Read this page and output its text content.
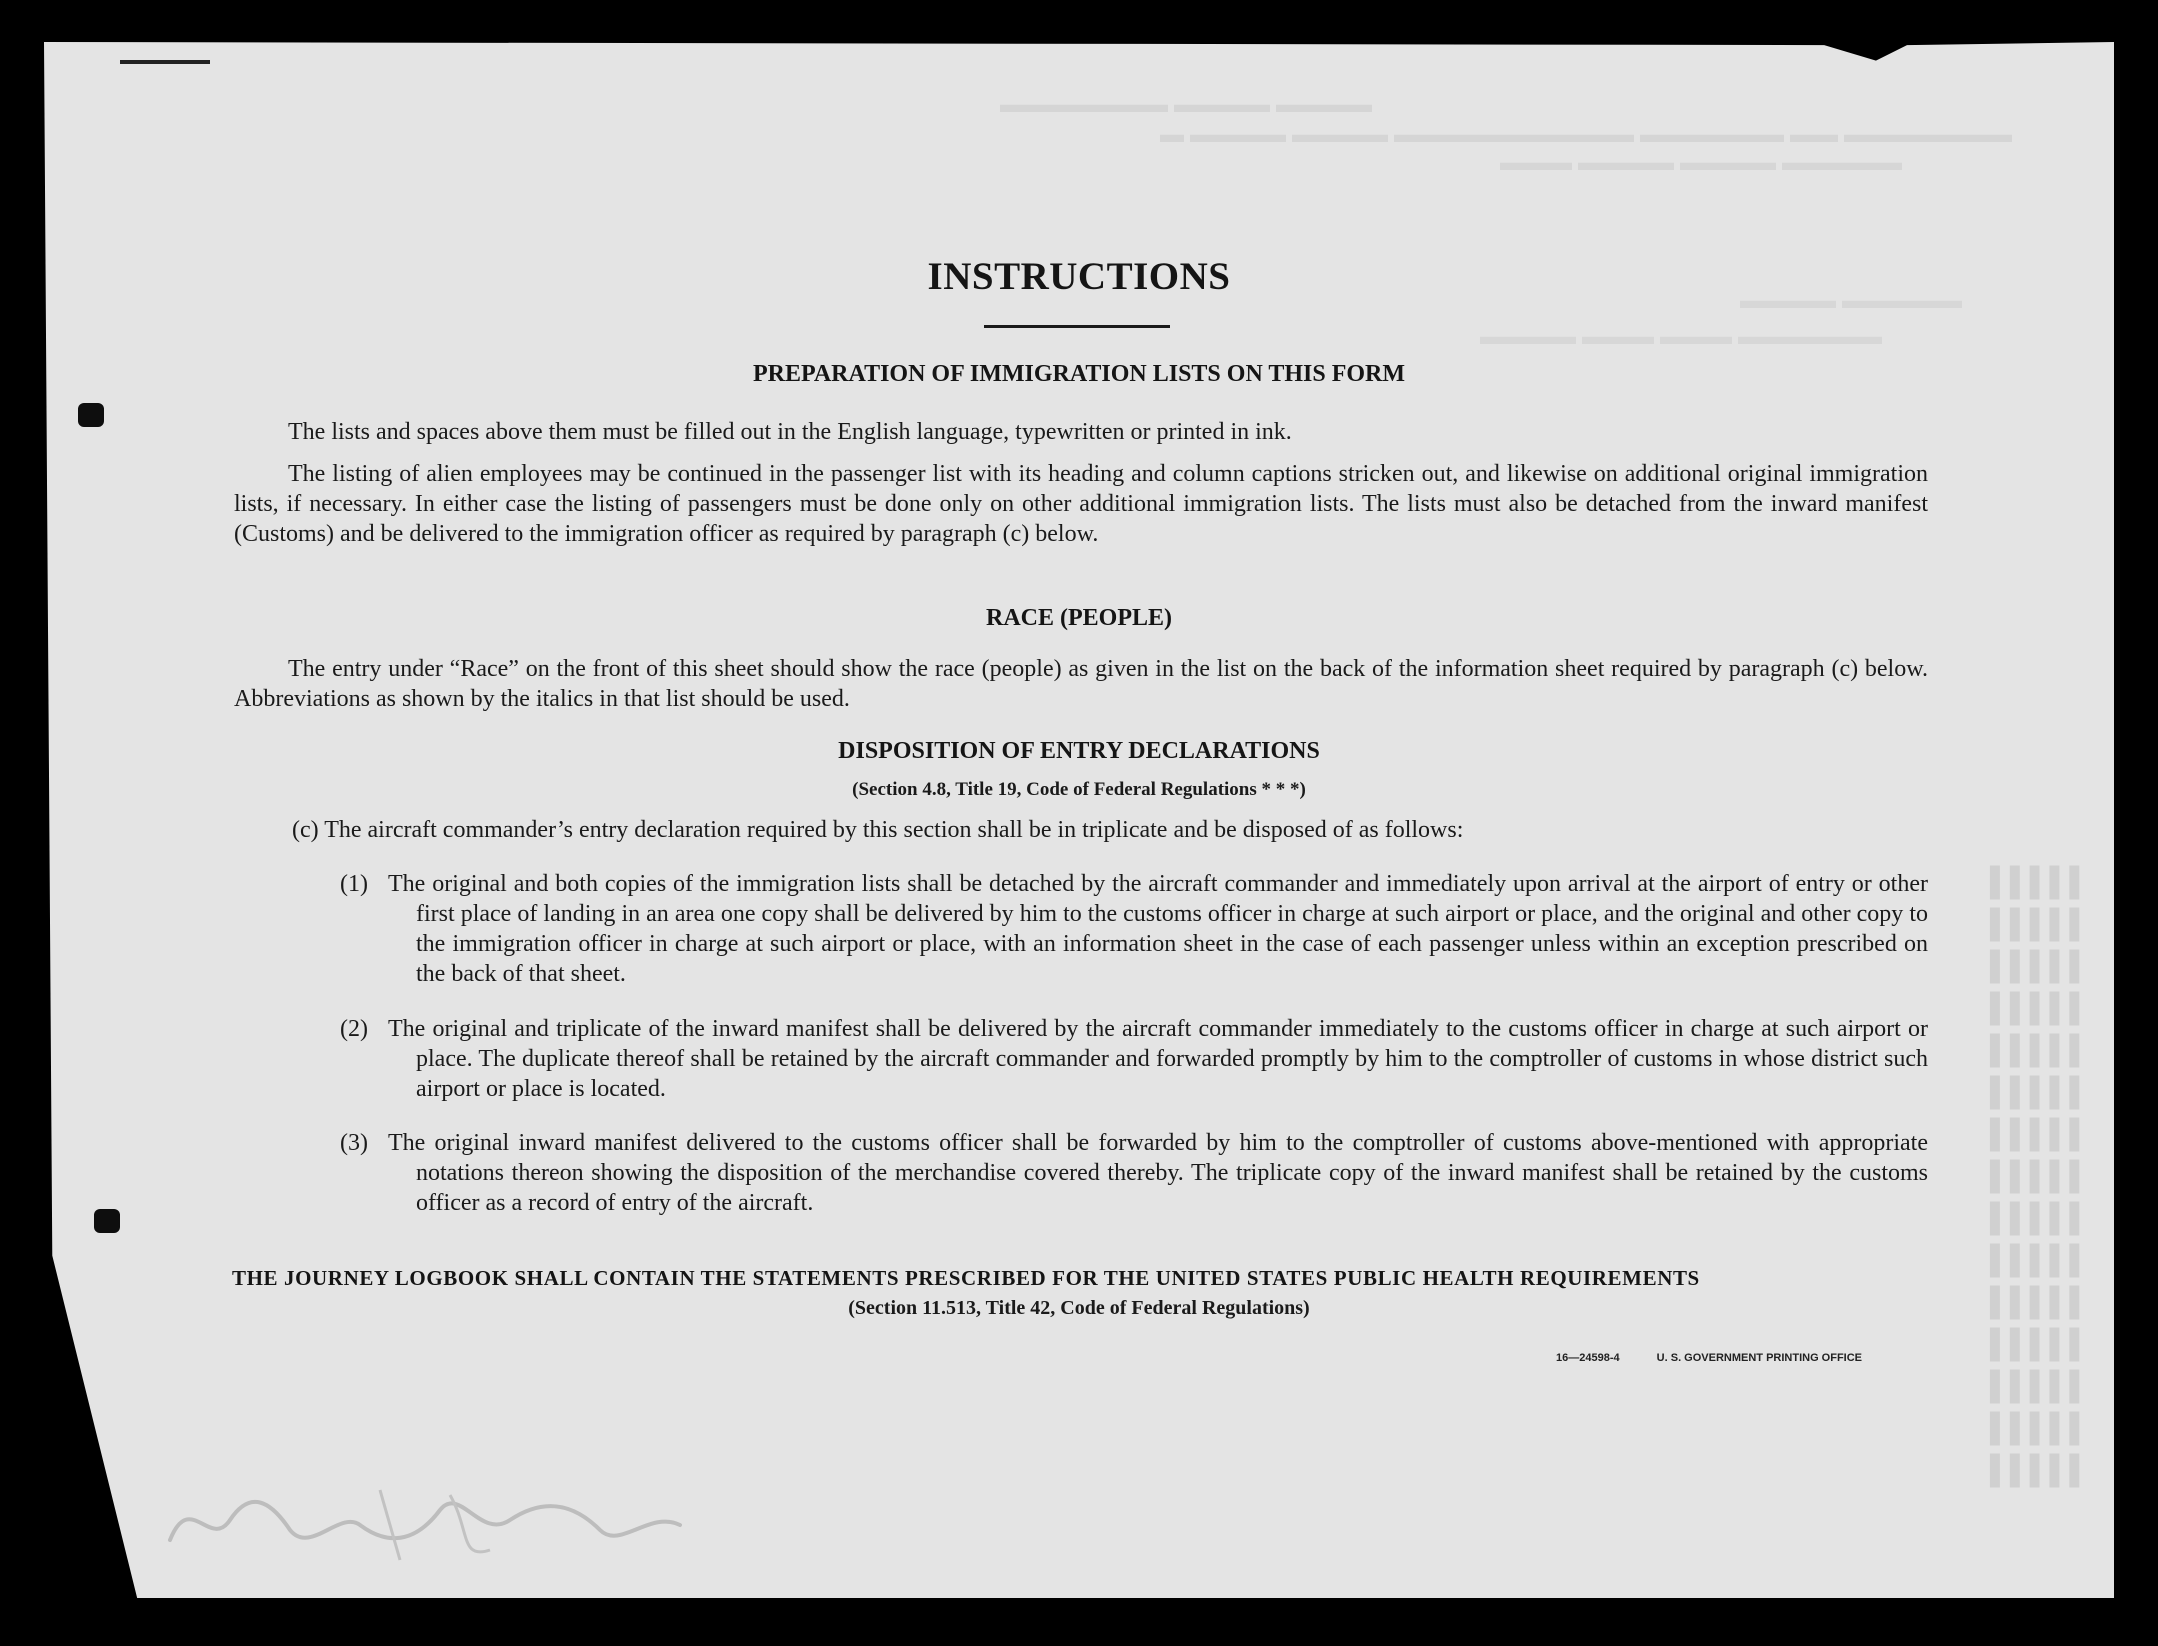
▬▬▬▬ ▬▬▬▬ ▬▬▬▬▬▬▬
▬▬▬▬▬▬▬ ▬▬ ▬▬▬▬▬▬ ▬▬▬▬▬▬▬▬▬▬ ▬▬▬▬ ▬▬▬▬ ▬
▬▬▬▬▬ ▬▬▬▬ ▬▬▬▬ ▬▬▬
▬▬▬▬▬▬ ▬▬▬ ▬▬▬ ▬▬▬▬
▬▬▬▬▬ ▬▬▬▬
▌▌▌▌▌
▌▌▌▌▌
▌▌▌▌▌
▌▌▌▌▌
▌▌▌▌▌
▌▌▌▌▌
▌▌▌▌▌
▌▌▌▌▌
▌▌▌▌▌
▌▌▌▌▌
▌▌▌▌▌
▌▌▌▌▌
▌▌▌▌▌
▌▌▌▌▌
▌▌▌▌▌
INSTRUCTIONS
PREPARATION OF IMMIGRATION LISTS ON THIS FORM

The lists and spaces above them must be filled out in the English language, typewritten or printed in ink.

The listing of alien employees may be continued in the passenger list with its heading and column captions stricken out, and likewise on additional original immigration lists, if necessary. In either case the listing of passengers must be done only on other additional immigration lists. The lists must also be detached from the inward manifest (Customs) and be delivered to the immigration officer as required by paragraph (c) below.

RACE (PEOPLE)

The entry under “Race” on the front of this sheet should show the race (people) as given in the list on the back of the information sheet required by paragraph (c) below. Abbreviations as shown by the italics in that list should be used.

DISPOSITION OF ENTRY DECLARATIONS
(Section 4.8, Title 19, Code of Federal Regulations * * *)

(c) The aircraft commander’s entry declaration required by this section shall be in triplicate and be disposed of as follows:

(1) The original and both copies of the immigration lists shall be detached by the aircraft commander and immediately upon arrival at the airport of entry or other first place of landing in an area one copy shall be delivered by him to the customs officer in charge at such airport or place, and the original and other copy to the immigration officer in charge at such airport or place, with an information sheet in the case of each passenger unless within an exception prescribed on the back of that sheet.
(2) The original and triplicate of the inward manifest shall be delivered by the aircraft commander immediately to the customs officer in charge at such airport or place. The duplicate thereof shall be retained by the aircraft commander and forwarded promptly by him to the comptroller of customs in whose district such airport or place is located.
(3) The original inward manifest delivered to the customs officer shall be forwarded by him to the comptroller of customs above-mentioned with appropriate notations thereon showing the disposition of the merchandise covered thereby. The triplicate copy of the inward manifest shall be retained by the customs officer as a record of entry of the aircraft.
THE JOURNEY LOGBOOK SHALL CONTAIN THE STATEMENTS PRESCRIBED FOR THE UNITED STATES PUBLIC HEALTH REQUIREMENTS
(Section 11.513, Title 42, Code of Federal Regulations)
16—24598-4	U. S. GOVERNMENT PRINTING OFFICE
